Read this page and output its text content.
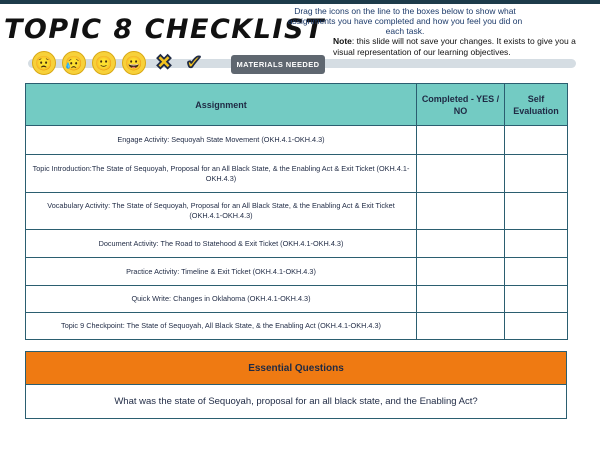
TOPIC 8 CHECKLIST
Drag the icons on the line to the boxes below to show what assignments you have completed and how you feel you did on each task.
Note: this slide will not save your changes. It exists to give you a visual representation of our learning objectives.
😟 😥 🙂 😀 ✖ ✔	MATERIALS NEEDED
Assignment	Completed - YES / NO	Self Evaluation
Engage Activity: Sequoyah State Movement (OKH.4.1-OKH.4.3)		
Topic Introduction:The State of Sequoyah, Proposal for an All Black State, & the Enabling Act & Exit Ticket (OKH.4.1-OKH.4.3)		
Vocabulary Activity: The State of Sequoyah, Proposal for an All Black State, & the Enabling Act & Exit Ticket (OKH.4.1-OKH.4.3)		
Document Activity: The Road to Statehood & Exit Ticket (OKH.4.1-OKH.4.3)		
Practice Activity: Timeline & Exit Ticket (OKH.4.1-OKH.4.3)		
Quick Write: Changes in Oklahoma (OKH.4.1-OKH.4.3)		
Topic 9 Checkpoint: The State of Sequoyah, All Black State, & the Enabling Act (OKH.4.1-OKH.4.3)		
Essential Questions
What was the state of Sequoyah, proposal for an all black state, and the Enabling Act?
